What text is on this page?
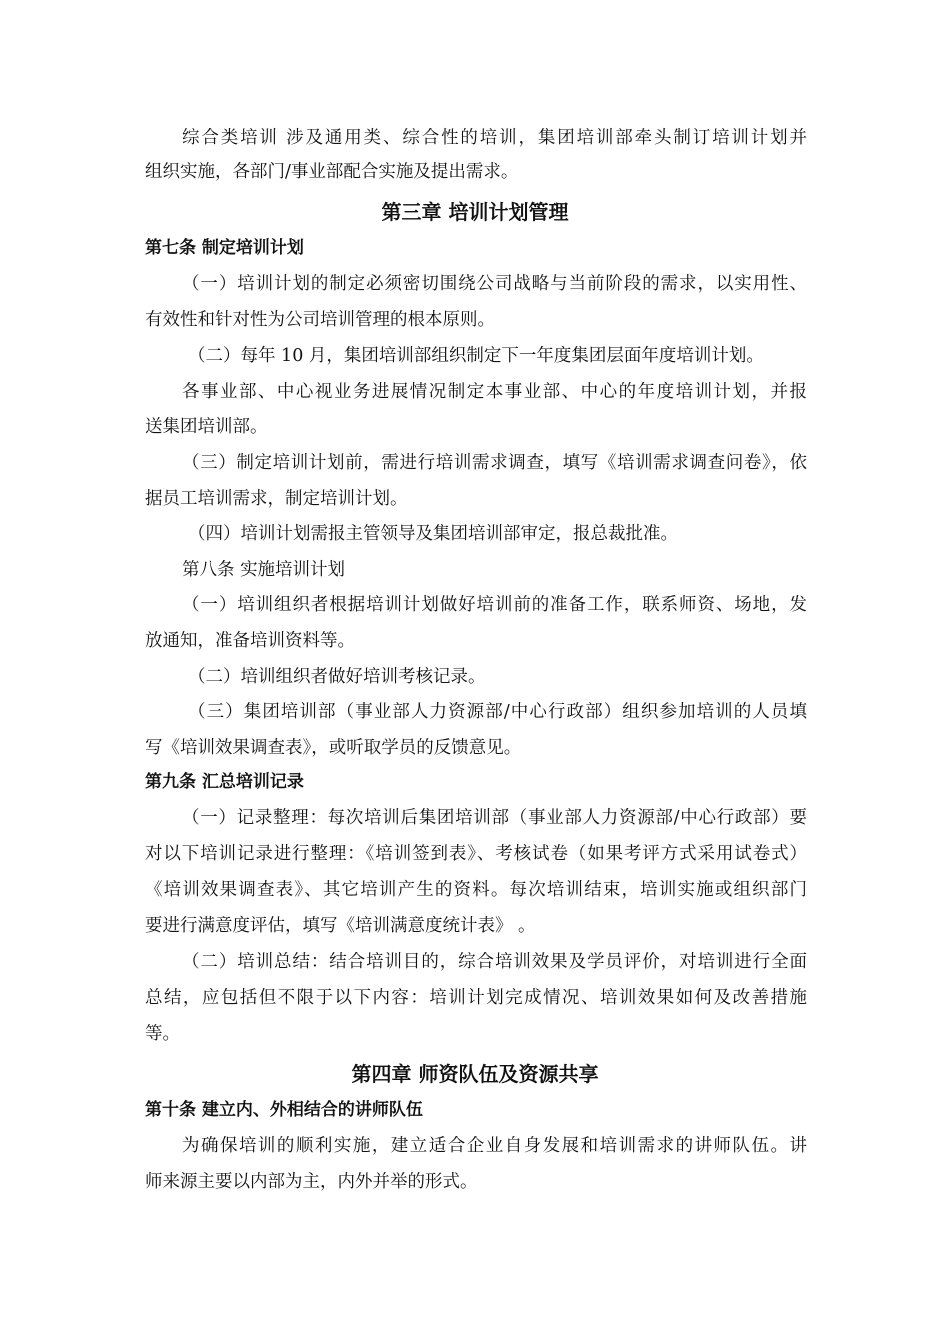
综合类培训 涉及通用类、综合性的培训，集团培训部牵头制订培训计划并
组织实施，各部门/事业部配合实施及提出需求。
第三章 培训计划管理
第七条 制定培训计划
（一）培训计划的制定必须密切围绕公司战略与当前阶段的需求，以实用性、
有效性和针对性为公司培训管理的根本原则。
（二）每年 10 月，集团培训部组织制定下一年度集团层面年度培训计划。
各事业部、中心视业务进展情况制定本事业部、中心的年度培训计划，并报
送集团培训部。
（三）制定培训计划前，需进行培训需求调查，填写《培训需求调查问卷》，依
据员工培训需求，制定培训计划。
（四）培训计划需报主管领导及集团培训部审定，报总裁批准。
第八条 实施培训计划
（一）培训组织者根据培训计划做好培训前的准备工作，联系师资、场地，发
放通知，准备培训资料等。
（二）培训组织者做好培训考核记录。
（三）集团培训部（事业部人力资源部/中心行政部）组织参加培训的人员填
写《培训效果调查表》，或听取学员的反馈意见。
第九条 汇总培训记录
（一）记录整理：每次培训后集团培训部（事业部人力资源部/中心行政部）要
对以下培训记录进行整理：《培训签到表》、考核试卷（如果考评方式采用试卷式）
《培训效果调查表》、其它培训产生的资料。每次培训结束，培训实施或组织部门
要进行满意度评估，填写《培训满意度统计表》 。
（二）培训总结：结合培训目的，综合培训效果及学员评价，对培训进行全面
总结，应包括但不限于以下内容：培训计划完成情况、培训效果如何及改善措施
等。
第四章 师资队伍及资源共享
第十条 建立内、外相结合的讲师队伍
为确保培训的顺利实施，建立适合企业自身发展和培训需求的讲师队伍。讲
师来源主要以内部为主，内外并举的形式。
